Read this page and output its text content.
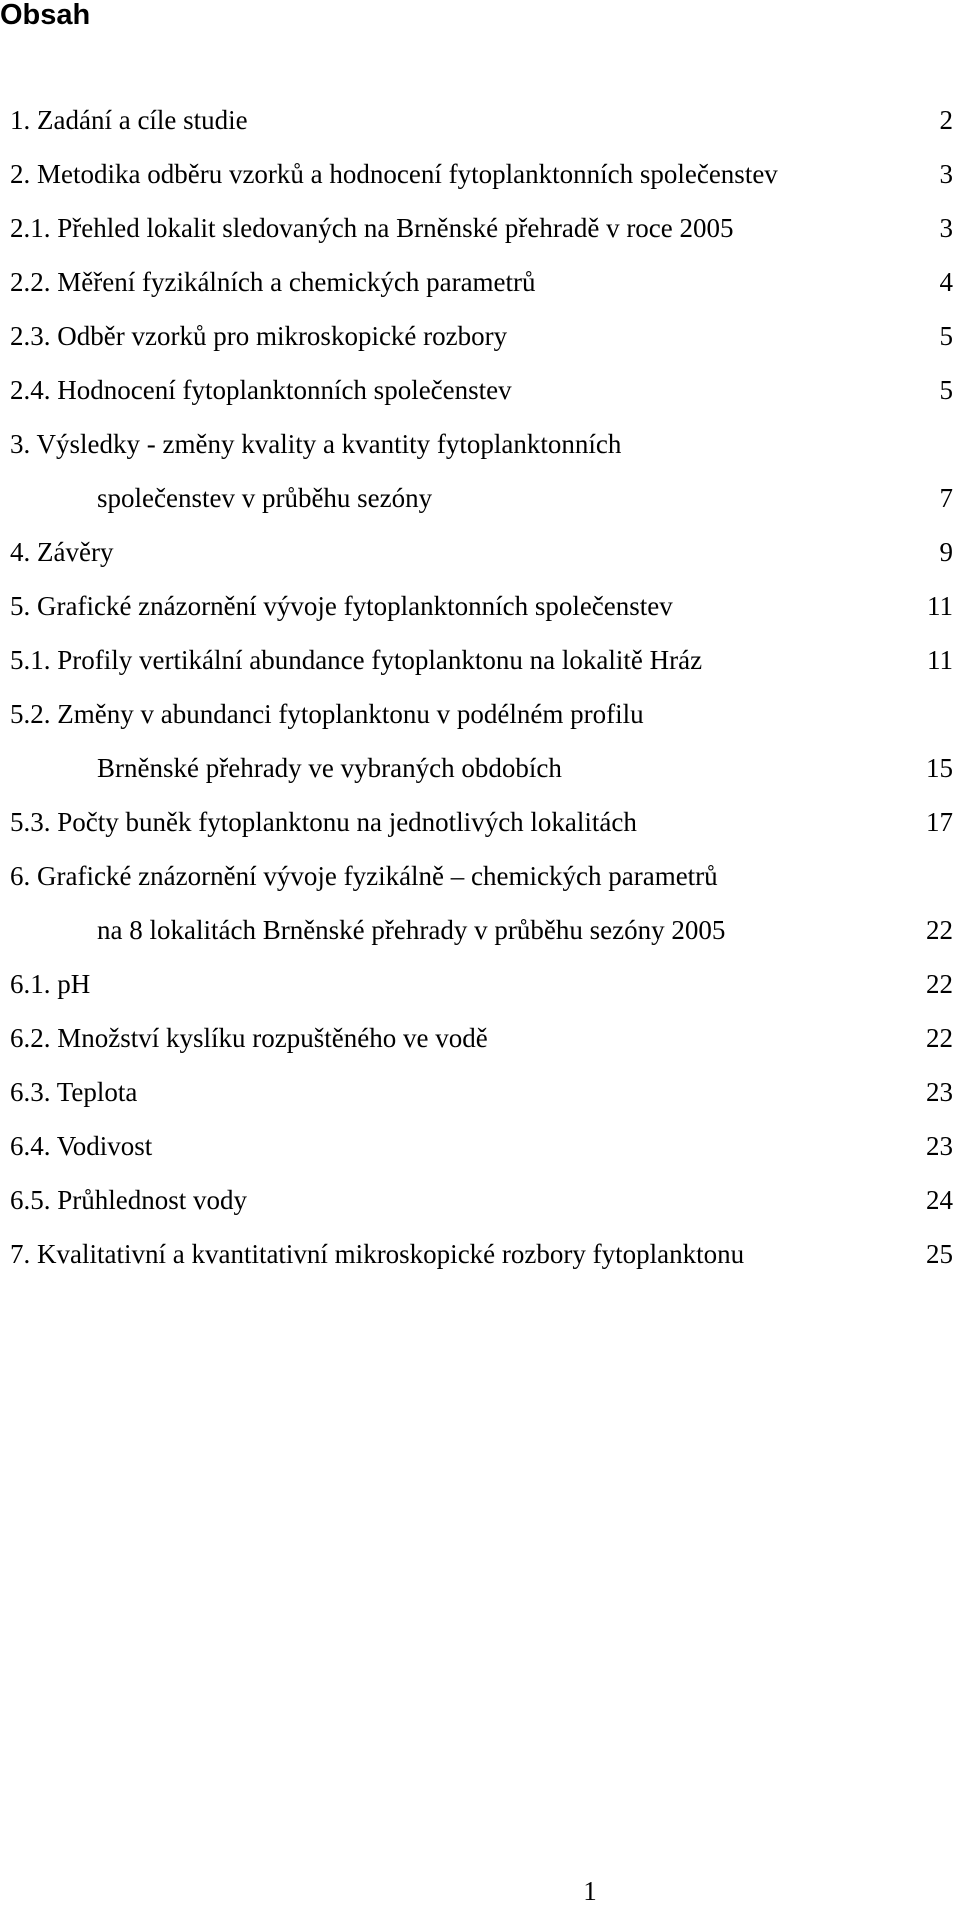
Obsah
1. Zadání a cíle studie	2
2. Metodika odběru vzorků a hodnocení fytoplanktonních společenstev	3
2.1. Přehled lokalit sledovaných na Brněnské přehradě v roce 2005	3
2.2. Měření fyzikálních a chemických parametrů	4
2.3. Odběr vzorků pro mikroskopické rozbory	5
2.4. Hodnocení fytoplanktonních společenstev	5
3. Výsledky - změny kvality a kvantity fytoplanktonních
společenstev v průběhu sezóny	7
4. Závěry	9
5. Grafické znázornění vývoje fytoplanktonních společenstev	11
5.1. Profily vertikální abundance fytoplanktonu na lokalitě Hráz	11
5.2. Změny v abundanci fytoplanktonu v podélném profilu
Brněnské přehrady ve vybraných obdobích	15
5.3. Počty buněk fytoplanktonu na jednotlivých lokalitách	17
6. Grafické znázornění vývoje fyzikálně – chemických parametrů
na 8 lokalitách Brněnské přehrady v průběhu sezóny 2005	22
6.1. pH	22
6.2. Množství kyslíku rozpuštěného ve vodě	22
6.3. Teplota	23
6.4. Vodivost	23
6.5. Průhlednost vody	24
7. Kvalitativní a kvantitativní mikroskopické rozbory fytoplanktonu	25
1
